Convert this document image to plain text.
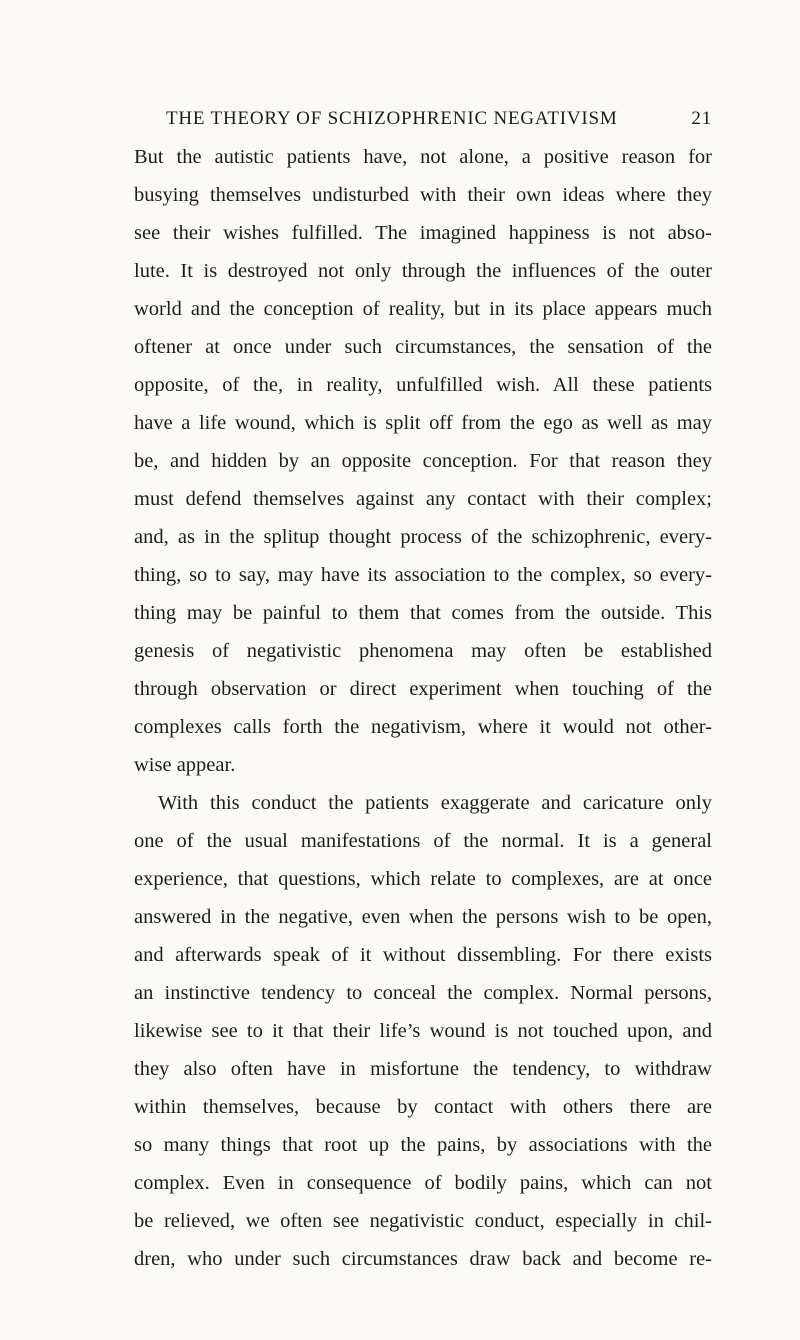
THE THEORY OF SCHIZOPHRENIC NEGATIVISM	21
But the autistic patients have, not alone, a positive reason for
busying themselves undisturbed with their own ideas where they
see their wishes fulfilled. The imagined happiness is not abso-
lute. It is destroyed not only through the influences of the outer
world and the conception of reality, but in its place appears much
oftener at once under such circumstances, the sensation of the
opposite, of the, in reality, unfulfilled wish. All these patients
have a life wound, which is split off from the ego as well as may
be, and hidden by an opposite conception. For that reason they
must defend themselves against any contact with their complex;
and, as in the splitup thought process of the schizophrenic, every-
thing, so to say, may have its association to the complex, so every-
thing may be painful to them that comes from the outside. This
genesis of negativistic phenomena may often be established
through observation or direct experiment when touching of the
complexes calls forth the negativism, where it would not other-
wise appear.
With this conduct the patients exaggerate and caricature only
one of the usual manifestations of the normal. It is a general
experience, that questions, which relate to complexes, are at once
answered in the negative, even when the persons wish to be open,
and afterwards speak of it without dissembling. For there exists
an instinctive tendency to conceal the complex. Normal persons,
likewise see to it that their life’s wound is not touched upon, and
they also often have in misfortune the tendency, to withdraw
within themselves, because by contact with others there are
so many things that root up the pains, by associations with the
complex. Even in consequence of bodily pains, which can not
be relieved, we often see negativistic conduct, especially in chil-
dren, who under such circumstances draw back and become re-
